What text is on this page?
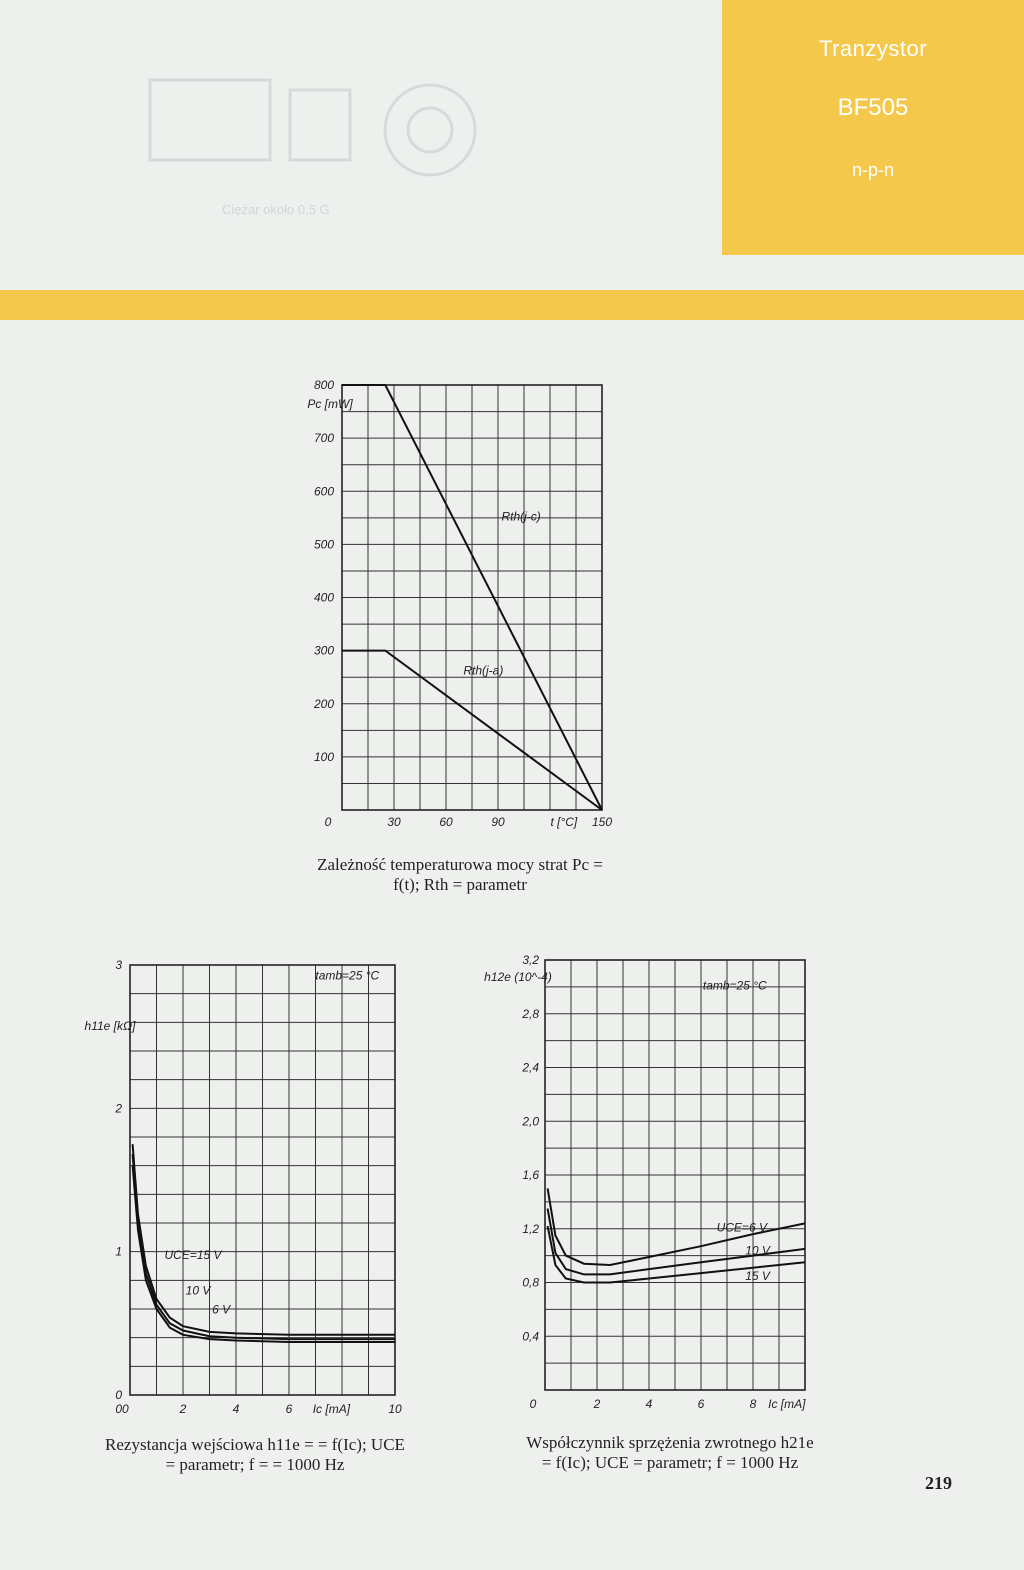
Ciężar około 0,5 G
Tranzystor
BF505
n-p-n
100
200
300
400
500
600
700
800
0	30	60	90	150
Pc [mW]
t [°C]
Rth(j-c)
Rth(j-a)
Zależność temperaturowa mocy strat Pc = f(t); Rth = parametr
0
1
2
3
00	2	4	6	10
h11e [kΩ]
Ic [mA]
tamb=25 °C
UCE=15 V
10 V
6 V
Rezystancja wejściowa h11e = = f(Ic); UCE = parametr; f = = 1000 Hz
0,4
0,8
1,2
1,6
2,0
2,4
2,8
3,2
0	2	4	6	8
h12e (10^-4)
Ic [mA]
tamb=25 °C
UCE=6 V
10 V
15 V
Współczynnik sprzężenia zwrotnego h21e = f(Ic); UCE = parametr; f = 1000 Hz
219
